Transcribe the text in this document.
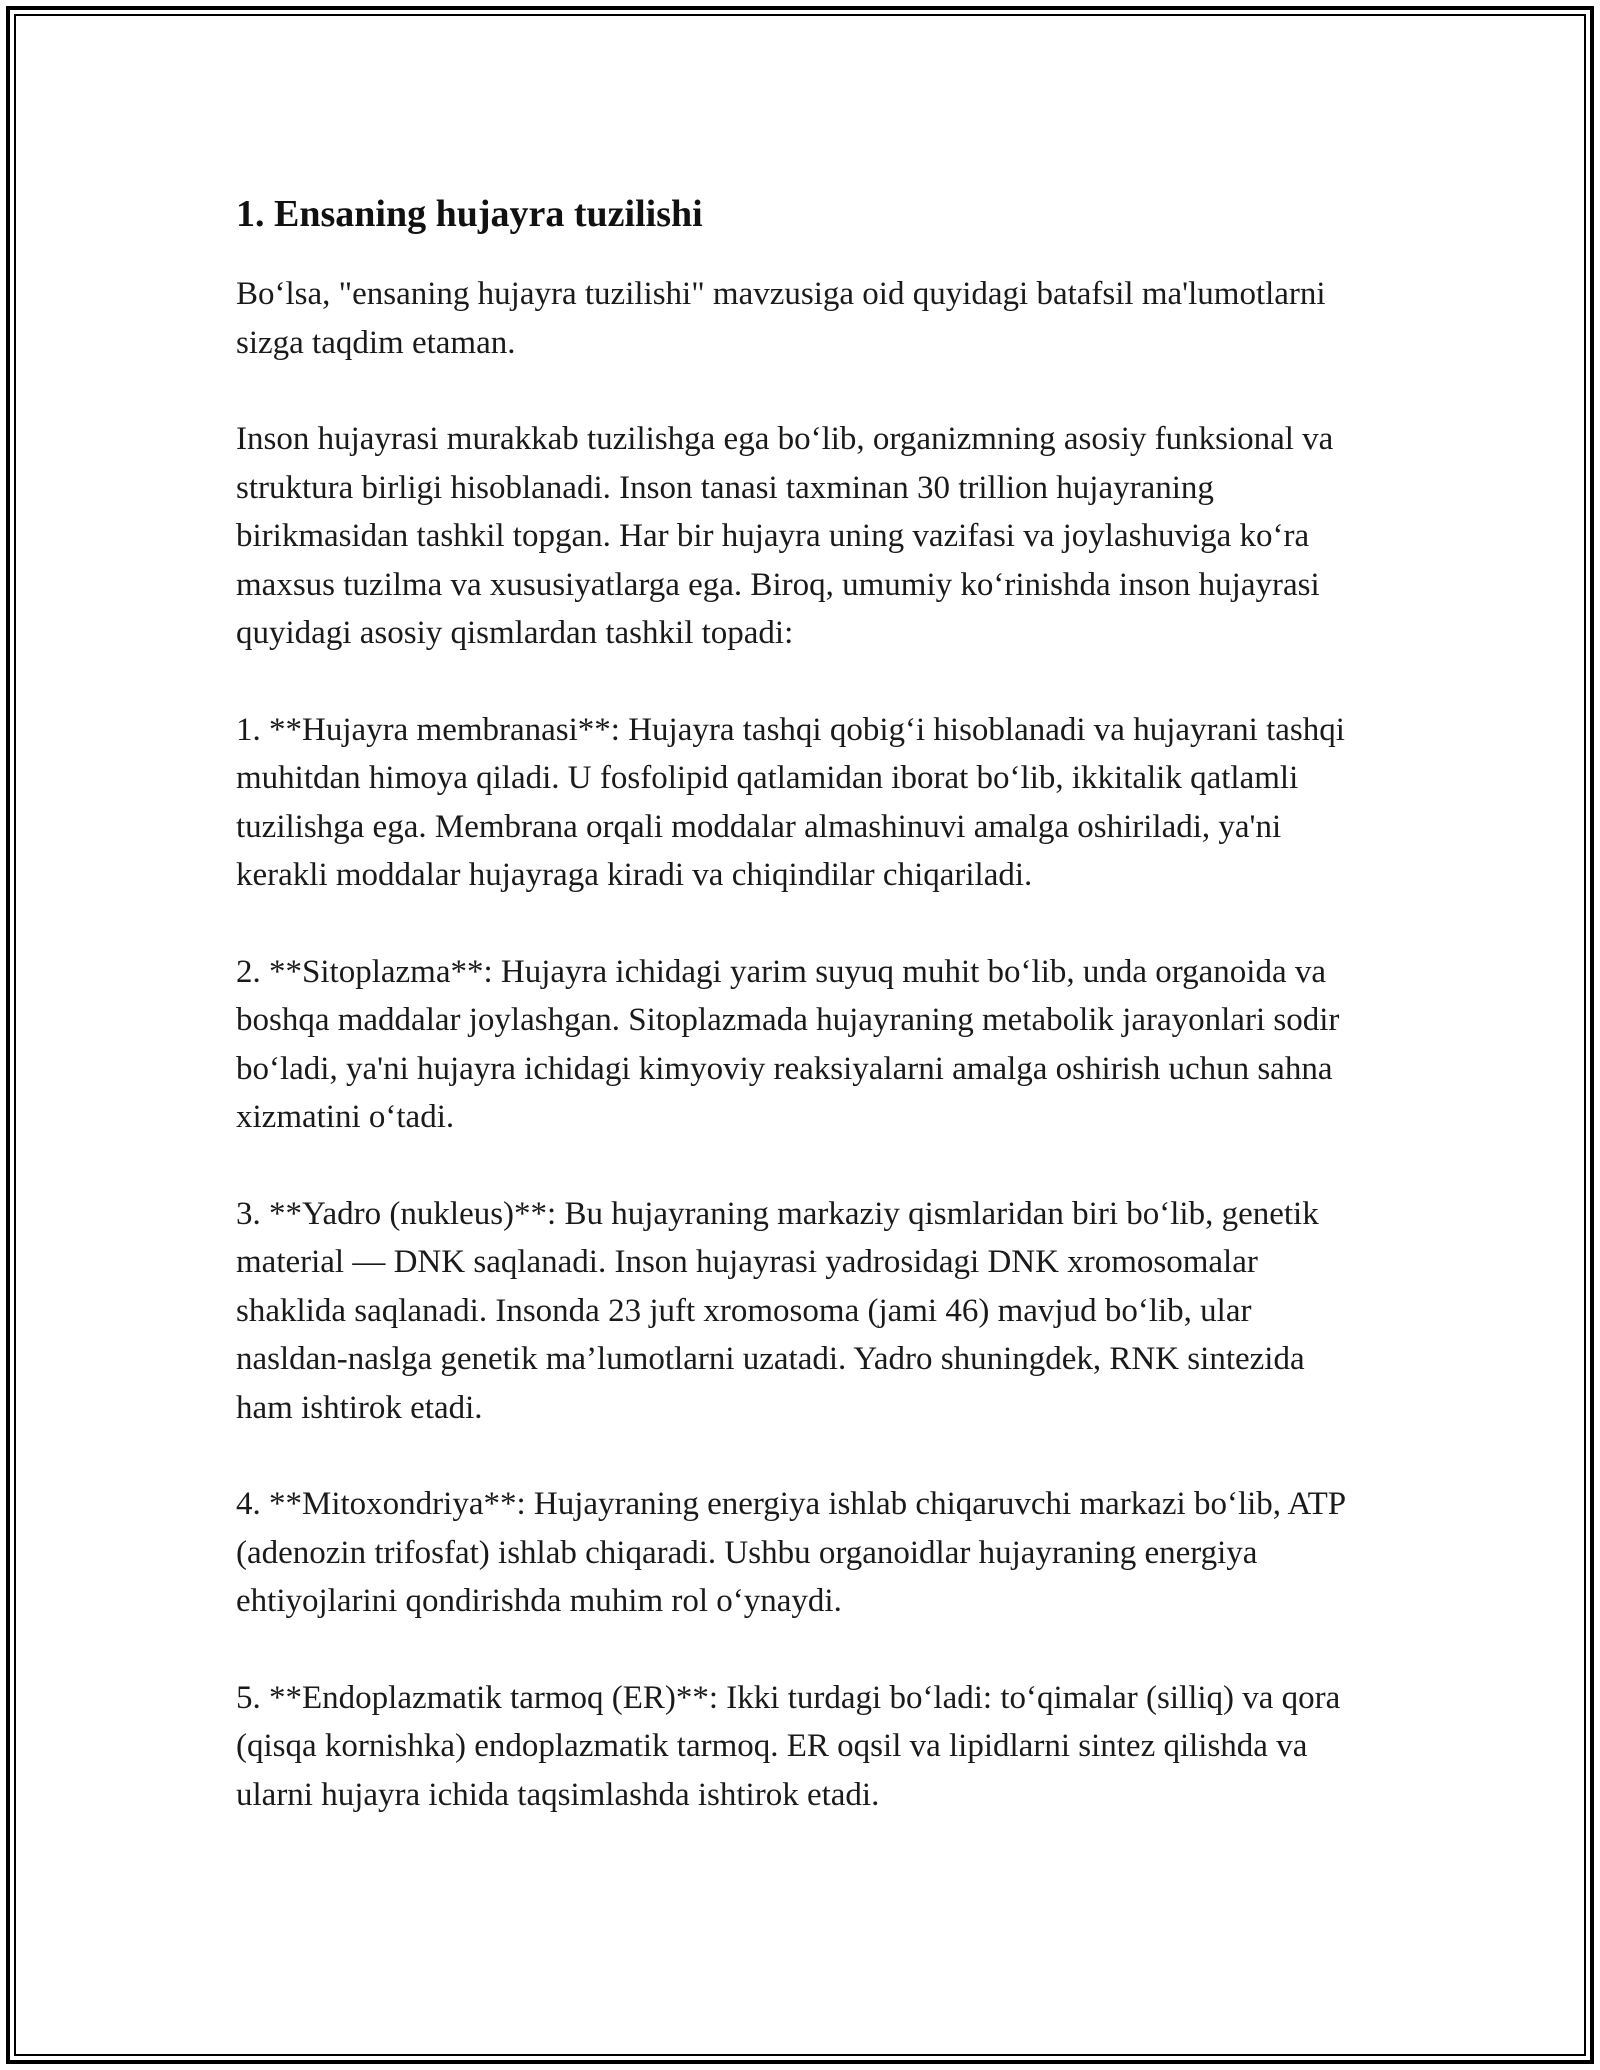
1. Ensaning hujayra tuzilishi

Bo‘lsa, "ensaning hujayra tuzilishi" mavzusiga oid quyidagi batafsil ma'lumotlarni sizga taqdim etaman.

Inson hujayrasi murakkab tuzilishga ega bo‘lib, organizmning asosiy funksional va struktura birligi hisoblanadi. Inson tanasi taxminan 30 trillion hujayraning birikmasidan tashkil topgan. Har bir hujayra uning vazifasi va joylashuviga ko‘ra maxsus tuzilma va xususiyatlarga ega. Biroq, umumiy ko‘rinishda inson hujayrasi quyidagi asosiy qismlardan tashkil topadi:

1. **Hujayra membranasi**: Hujayra tashqi qobig‘i hisoblanadi va hujayrani tashqi muhitdan himoya qiladi. U fosfolipid qatlamidan iborat bo‘lib, ikkitalik qatlamli tuzilishga ega. Membrana orqali moddalar almashinuvi amalga oshiriladi, ya'ni kerakli moddalar hujayraga kiradi va chiqindilar chiqariladi.

2. **Sitoplazma**: Hujayra ichidagi yarim suyuq muhit bo‘lib, unda organoida va boshqa maddalar joylashgan. Sitoplazmada hujayraning metabolik jarayonlari sodir bo‘ladi, ya'ni hujayra ichidagi kimyoviy reaksiyalarni amalga oshirish uchun sahna xizmatini o‘tadi.

3. **Yadro (nukleus)**: Bu hujayraning markaziy qismlaridan biri bo‘lib, genetik material — DNK saqlanadi. Inson hujayrasi yadrosidagi DNK xromosomalar shaklida saqlanadi. Insonda 23 juft xromosoma (jami 46) mavjud bo‘lib, ular nasldan-naslga genetik ma’lumotlarni uzatadi. Yadro shuningdek, RNK sintezida ham ishtirok etadi.

4. **Mitoxondriya**: Hujayraning energiya ishlab chiqaruvchi markazi bo‘lib, ATP (adenozin trifosfat) ishlab chiqaradi. Ushbu organoidlar hujayraning energiya ehtiyojlarini qondirishda muhim rol o‘ynaydi.

5. **Endoplazmatik tarmoq (ER)**: Ikki turdagi bo‘ladi: to‘qimalar (silliq) va qora (qisqa kornishka) endoplazmatik tarmoq. ER oqsil va lipidlarni sintez qilishda va ularni hujayra ichida taqsimlashda ishtirok etadi.
